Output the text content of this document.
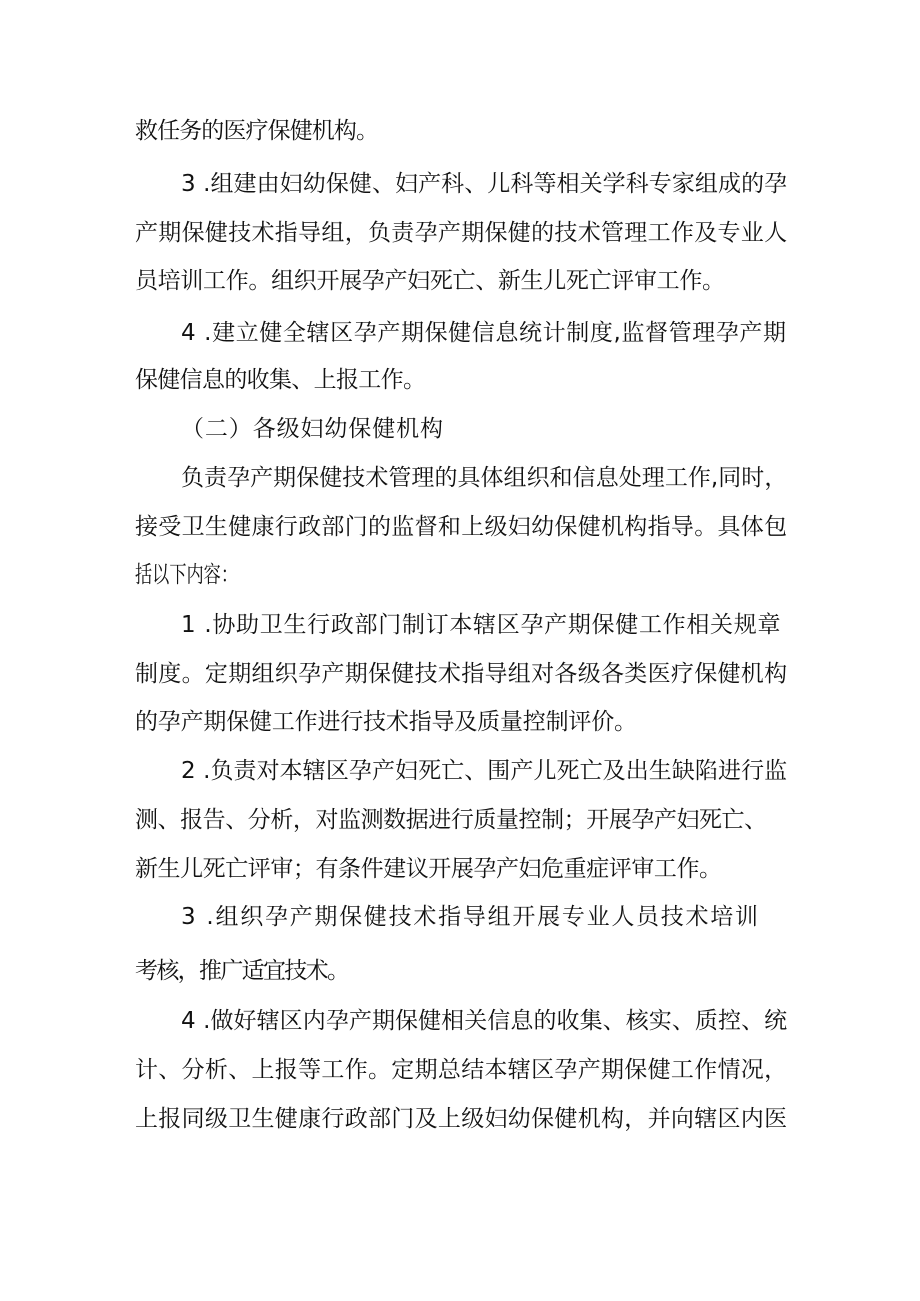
救任务的医疗保健机构。
3 .组建由妇幼保健、妇产科、儿科等相关学科专家组成的孕
产期保健技术指导组，负责孕产期保健的技术管理工作及专业人
员培训工作。组织开展孕产妇死亡、新生儿死亡评审工作。
4 .建立健全辖区孕产期保健信息统计制度,监督管理孕产期
保健信息的收集、上报工作。
（二）各级妇幼保健机构
负责孕产期保健技术管理的具体组织和信息处理工作,同时，
接受卫生健康行政部门的监督和上级妇幼保健机构指导。具体包
括以下内容：
1 .协助卫生行政部门制订本辖区孕产期保健工作相关规章
制度。定期组织孕产期保健技术指导组对各级各类医疗保健机构
的孕产期保健工作进行技术指导及质量控制评价。
2 .负责对本辖区孕产妇死亡、围产儿死亡及出生缺陷进行监
测、报告、分析，对监测数据进行质量控制；开展孕产妇死亡、
新生儿死亡评审；有条件建议开展孕产妇危重症评审工作。
3 .组织孕产期保健技术指导组开展专业人员技术培训
考核，推广适宜技术。
4 .做好辖区内孕产期保健相关信息的收集、核实、质控、统
计、分析、上报等工作。定期总结本辖区孕产期保健工作情况，
上报同级卫生健康行政部门及上级妇幼保健机构，并向辖区内医
